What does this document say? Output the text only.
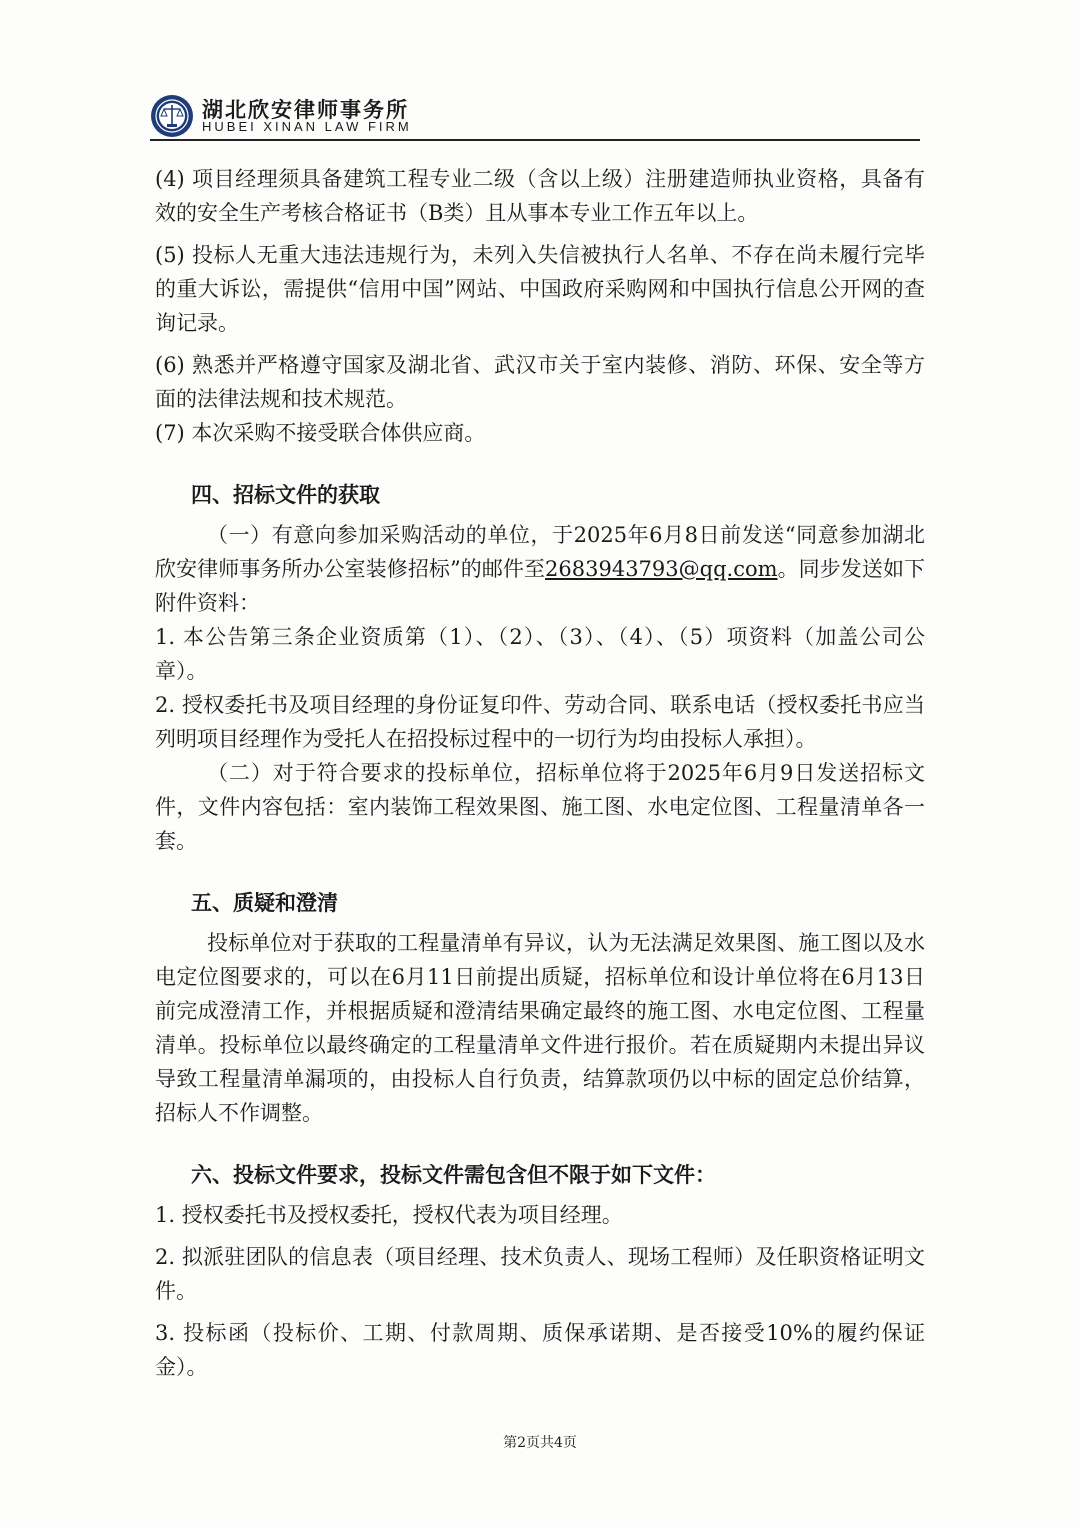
湖北欣安律师事务所
HUBEI XINAN LAW FIRM
(4) 项目经理须具备建筑工程专业二级（含以上级）注册建造师执业资格，具备有效的安全生产考核合格证书（B类）且从事本专业工作五年以上。
(5) 投标人无重大违法违规行为，未列入失信被执行人名单、不存在尚未履行完毕的重大诉讼，需提供“信用中国”网站、中国政府采购网和中国执行信息公开网的查询记录。
(6) 熟悉并严格遵守国家及湖北省、武汉市关于室内装修、消防、环保、安全等方面的法律法规和技术规范。
(7) 本次采购不接受联合体供应商。
四、招标文件的获取
（一）有意向参加采购活动的单位，于2025年6月8日前发送“同意参加湖北欣安律师事务所办公室装修招标”的邮件至2683943793@qq.com。同步发送如下附件资料：
1. 本公告第三条企业资质第（1）、（2）、（3）、（4）、（5）项资料（加盖公司公章）。
2. 授权委托书及项目经理的身份证复印件、劳动合同、联系电话（授权委托书应当列明项目经理作为受托人在招投标过程中的一切行为均由投标人承担）。
（二）对于符合要求的投标单位，招标单位将于2025年6月9日发送招标文件，文件内容包括：室内装饰工程效果图、施工图、水电定位图、工程量清单各一套。
五、质疑和澄清
投标单位对于获取的工程量清单有异议，认为无法满足效果图、施工图以及水电定位图要求的，可以在6月11日前提出质疑，招标单位和设计单位将在6月13日前完成澄清工作，并根据质疑和澄清结果确定最终的施工图、水电定位图、工程量清单。投标单位以最终确定的工程量清单文件进行报价。若在质疑期内未提出异议导致工程量清单漏项的，由投标人自行负责，结算款项仍以中标的固定总价结算，招标人不作调整。
六、投标文件要求，投标文件需包含但不限于如下文件：
1. 授权委托书及授权委托，授权代表为项目经理。
2. 拟派驻团队的信息表（项目经理、技术负责人、现场工程师）及任职资格证明文件。
3. 投标函（投标价、工期、付款周期、质保承诺期、是否接受10%的履约保证金）。
第2页共4页
